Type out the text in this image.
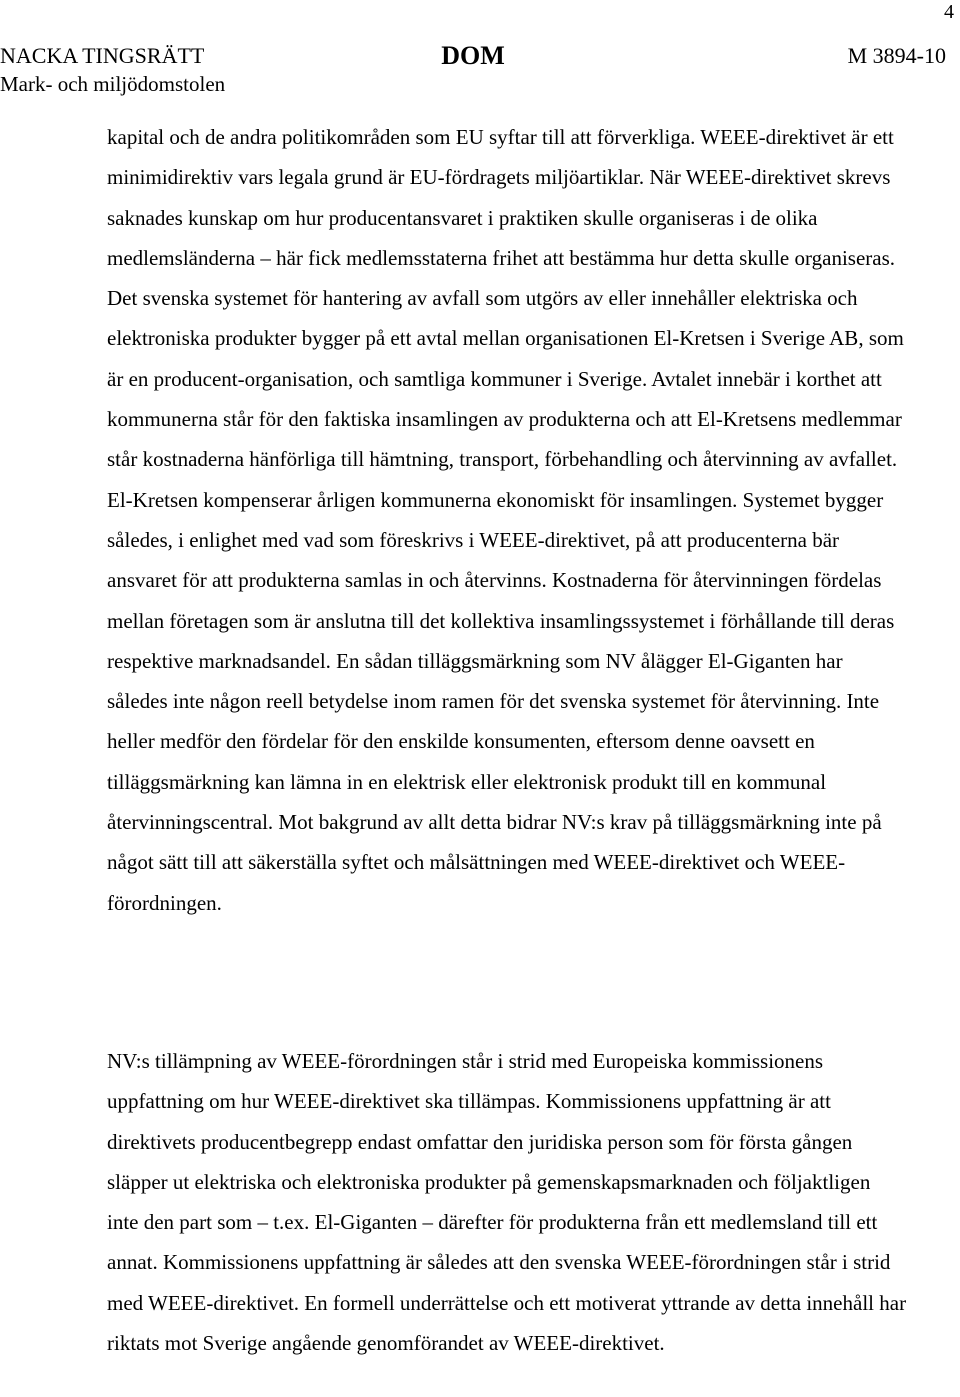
4
NACKA TINGSRÄTT
Mark- och miljödomstolen
DOM	M 3894-10

kapital och de andra politikområden som EU syftar till att förverkliga. WEEE-direktivet är ett minimidirektiv vars legala grund är EU-fördragets miljöartiklar. När WEEE-direktivet skrevs saknades kunskap om hur producentansvaret i praktiken skulle organiseras i de olika medlemsländerna – här fick medlemsstaterna frihet att bestämma hur detta skulle organiseras. Det svenska systemet för hantering av avfall som utgörs av eller innehåller elektriska och elektroniska produkter bygger på ett avtal mellan organisationen El-Kretsen i Sverige AB, som är en producent-organisation, och samtliga kommuner i Sverige. Avtalet innebär i korthet att kommunerna står för den faktiska insamlingen av produkterna och att El-Kretsens medlemmar står kostnaderna hänförliga till hämtning, transport, förbehandling och återvinning av avfallet. El-Kretsen kompenserar årligen kommunerna ekonomiskt för insamlingen. Systemet bygger således, i enlighet med vad som föreskrivs i WEEE-direktivet, på att producenterna bär ansvaret för att produkterna samlas in och återvinns. Kostnaderna för återvinningen fördelas mellan företagen som är anslutna till det kollektiva insamlingssystemet i förhållande till deras respektive marknadsandel. En sådan tilläggsmärkning som NV ålägger El-Giganten har således inte någon reell betydelse inom ramen för det svenska systemet för återvinning. Inte heller medför den fördelar för den enskilde konsumenten, eftersom denne oavsett en tilläggsmärkning kan lämna in en elektrisk eller elektronisk produkt till en kommunal återvinningscentral. Mot bakgrund av allt detta bidrar NV:s krav på tilläggsmärkning inte på något sätt till att säkerställa syftet och målsättningen med WEEE-direktivet och WEEE-förordningen.

NV:s tillämpning av WEEE-förordningen står i strid med Europeiska kommissionens uppfattning om hur WEEE-direktivet ska tillämpas. Kommissionens uppfattning är att direktivets producentbegrepp endast omfattar den juridiska person som för första gången släpper ut elektriska och elektroniska produkter på gemenskapsmarknaden och följaktligen inte den part som – t.ex. El-Giganten – därefter för produkterna från ett medlemsland till ett annat. Kommissionens uppfattning är således att den svenska WEEE-förordningen står i strid med WEEE-direktivet. En formell underrättelse och ett motiverat yttrande av detta innehåll har riktats mot Sverige angående genomförandet av WEEE-direktivet.
